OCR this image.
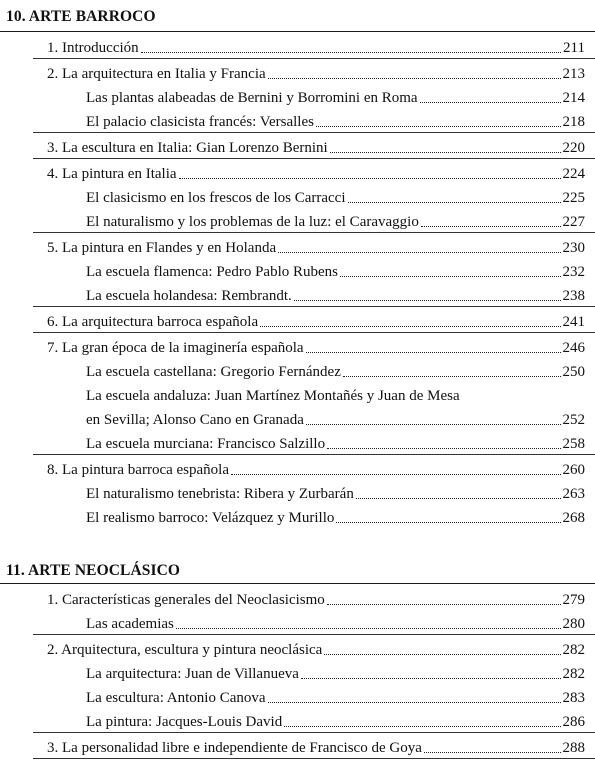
10. ARTE BARROCO
1. Introducción	211
2. La arquitectura en Italia y Francia	213
Las plantas alabeadas de Bernini y Borromini en Roma	214
El palacio clasicista francés: Versalles	218
3. La escultura en Italia: Gian Lorenzo Bernini	220
4. La pintura en Italia	224
El clasicismo en los frescos de los Carracci	225
El naturalismo y los problemas de la luz: el Caravaggio	227
5. La pintura en Flandes y en Holanda	230
La escuela flamenca: Pedro Pablo Rubens	232
La escuela holandesa: Rembrandt.	238
6. La arquitectura barroca española	241
7. La gran época de la imaginería española	246
La escuela castellana: Gregorio Fernández	250
La escuela andaluza: Juan Martínez Montañés y Juan de Mesa
en Sevilla; Alonso Cano en Granada	252
La escuela murciana: Francisco Salzillo	258
8. La pintura barroca española	260
El naturalismo tenebrista: Ribera y Zurbarán	263
El realismo barroco: Velázquez y Murillo	268
11. ARTE NEOCLÁSICO
1. Características generales del Neoclasicismo	279
Las academias	280
2. Arquitectura, escultura y pintura neoclásica	282
La arquitectura: Juan de Villanueva	282
La escultura: Antonio Canova	283
La pintura: Jacques-Louis David	286
3. La personalidad libre e independiente de Francisco de Goya	288
